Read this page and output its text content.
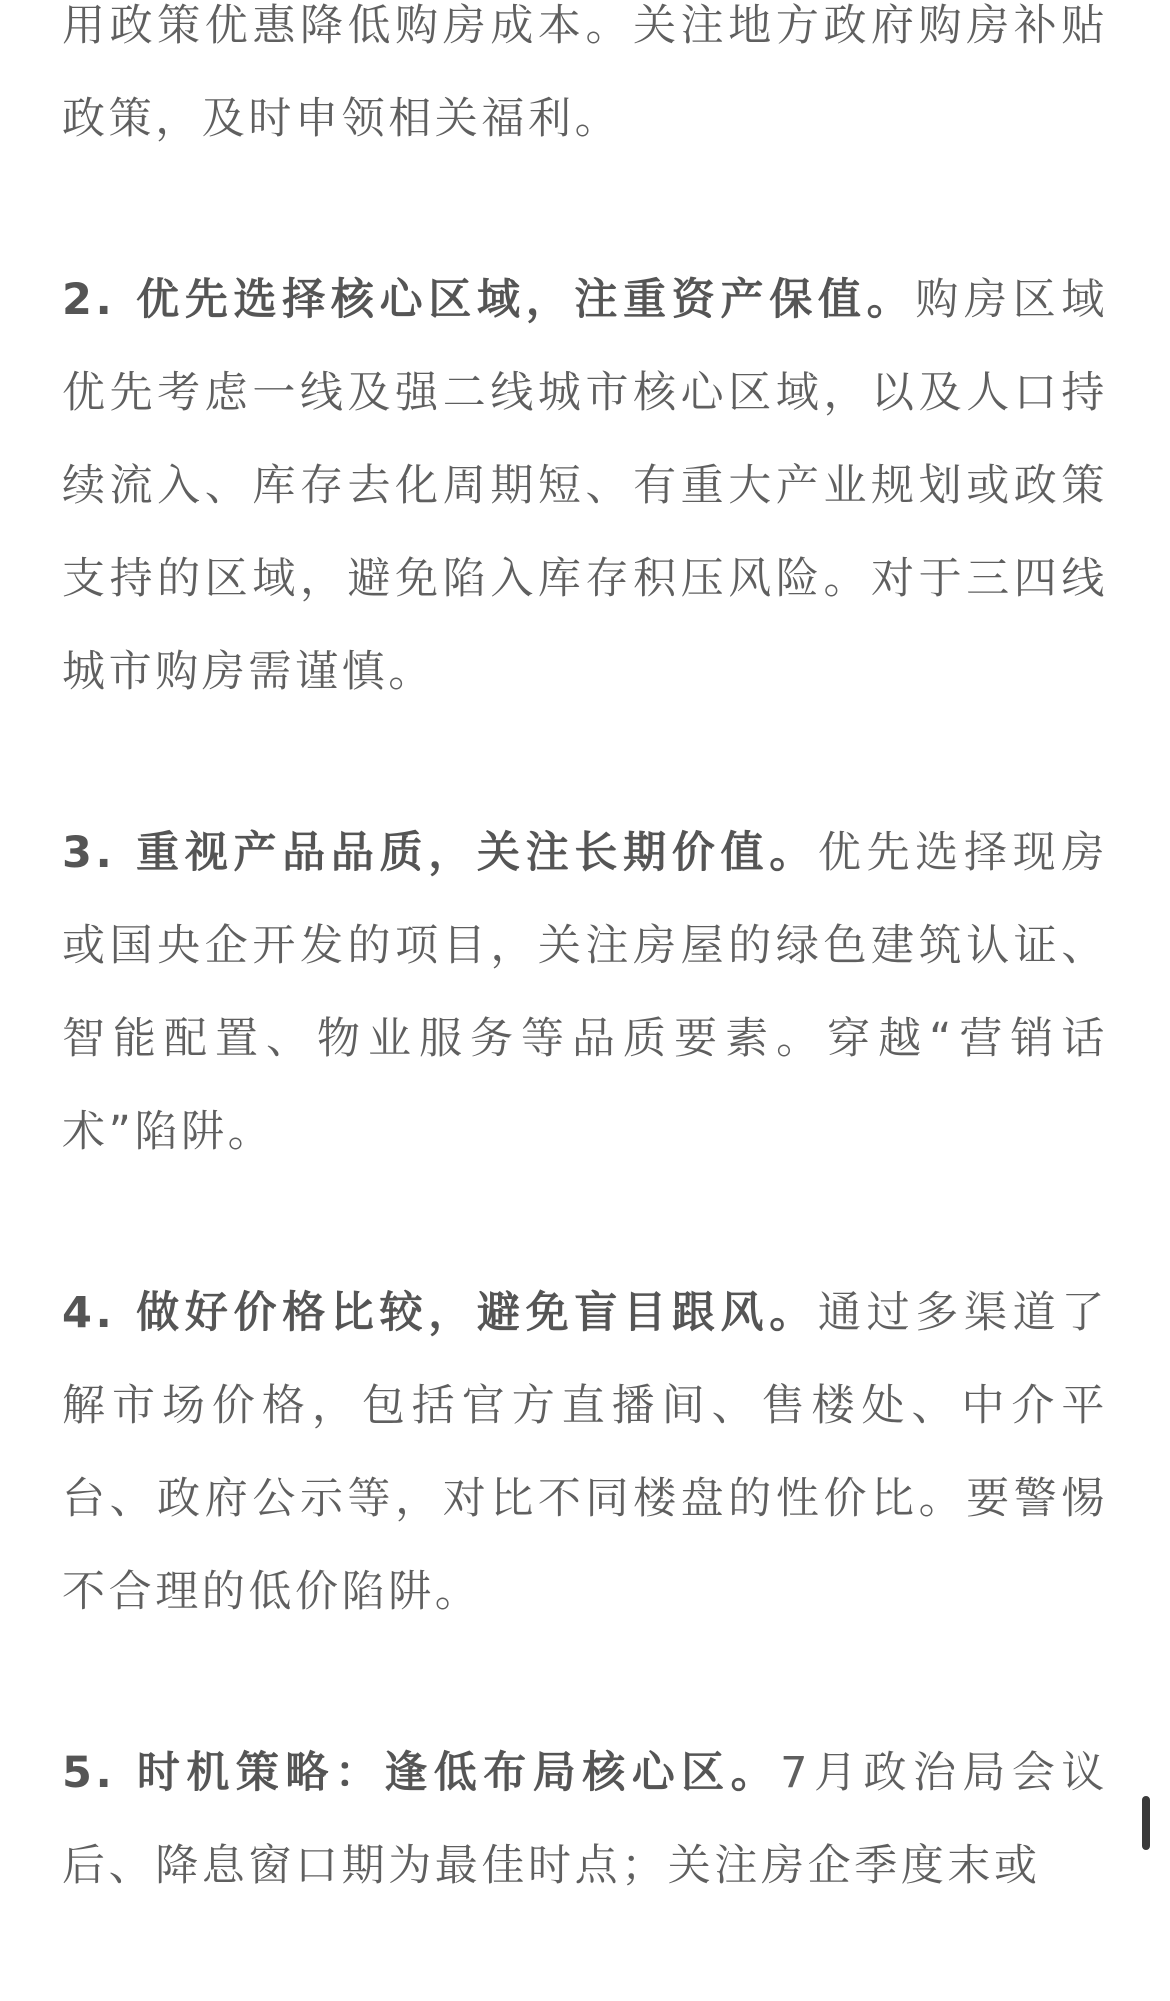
用政策优惠降低购房成本。关注地方政府购房补贴政策，及时申领相关福利。

2. 优先选择核心区域，注重资产保值。购房区域优先考虑一线及强二线城市核心区域，以及人口持续流入、库存去化周期短、有重大产业规划或政策支持的区域，避免陷入库存积压风险。对于三四线城市购房需谨慎。

3. 重视产品品质，关注长期价值。优先选择现房或国央企开发的项目，关注房屋的绿色建筑认证、智能配置、物业服务等品质要素。穿越“营销话术”陷阱。

4. 做好价格比较，避免盲目跟风。通过多渠道了解市场价格，包括官方直播间、售楼处、中介平台、政府公示等，对比不同楼盘的性价比。要警惕不合理的低价陷阱。

5. 时机策略：逢低布局核心区。7月政治局会议后、降息窗口期为最佳时点；关注房企季度末或
